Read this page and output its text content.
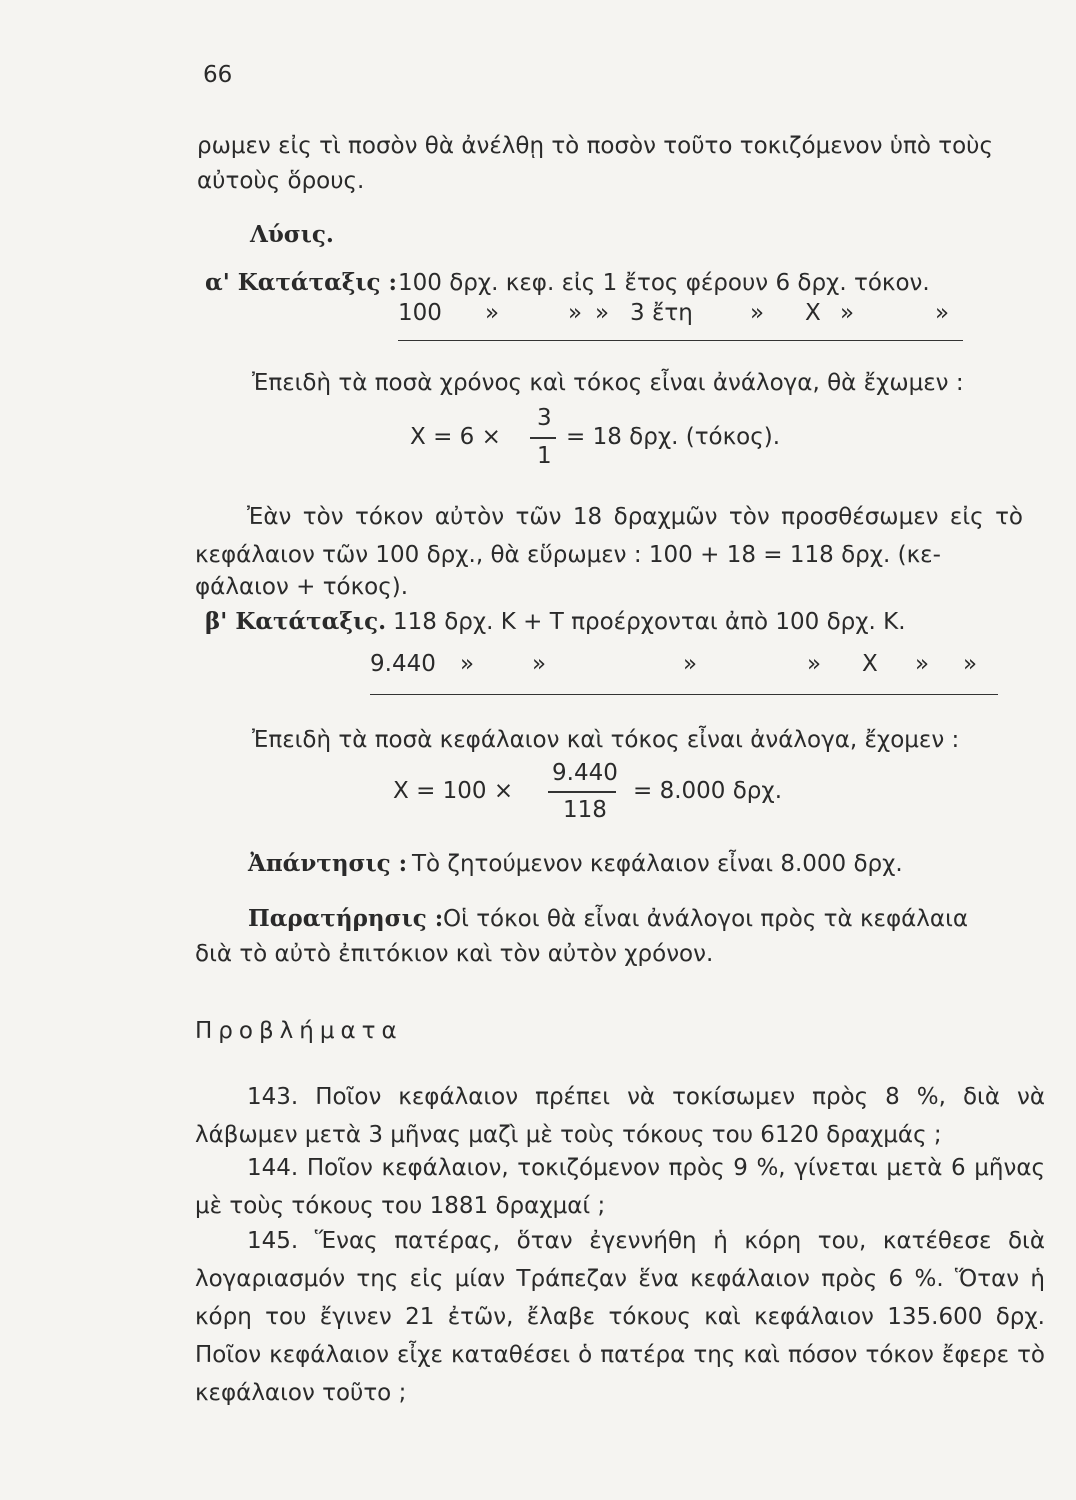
66
ρωμεν εἰς τὶ ποσὸν θὰ ἀνέλθῃ τὸ ποσὸν τοῦτο τοκιζόμενον ὑπὸ τοὺς
αὐτοὺς ὅρους.
Λύσις.
α' Κατάταξις : 100 δρχ. κεφ. εἰς 1 ἔτος φέρουν 6 δρχ. τόκον.
100 »	» » 3 ἔτη » X »	»
Ἐπειδὴ τὰ ποσὰ χρόνος καὶ τόκος εἶναι ἀνάλογα, θὰ ἔχωμεν :
X = 6 ×
3
1
= 18 δρχ. (τόκος).
Ἐὰν τὸν τόκον αὐτὸν τῶν 18 δραχμῶν τὸν προσθέσωμεν εἰς τὸ κεφάλαιον τῶν 100 δρχ., θὰ εὕρωμεν : 100 + 18 = 118 δρχ. (κε-
φάλαιον + τόκος).
β' Κατάταξις. 118 δρχ. Κ + Τ προέρχονται ἀπὸ 100 δρχ. Κ.
9.440 »	»	»	» X » »
Ἐπειδὴ τὰ ποσὰ κεφάλαιον καὶ τόκος εἶναι ἀνάλογα, ἔχομεν :
X = 100 ×
9.440
118
= 8.000 δρχ.
Ἀπάντησις : Τὸ ζητούμενον κεφάλαιον εἶναι 8.000 δρχ.
Παρατήρησις : Οἱ τόκοι θὰ εἶναι ἀνάλογοι πρὸς τὰ κεφάλαια
διὰ τὸ αὐτὸ ἐπιτόκιον καὶ τὸν αὐτὸν χρόνον.
Προβλήματα
143. Ποῖον κεφάλαιον πρέπει νὰ τοκίσωμεν πρὸς 8 %, διὰ νὰ λάβωμεν μετὰ 3 μῆνας μαζὶ μὲ τοὺς τόκους του 6120 δραχμάς ;
144. Ποῖον κεφάλαιον, τοκιζόμενον πρὸς 9 %, γίνεται μετὰ 6 μῆνας μὲ τοὺς τόκους του 1881 δραχμαί ;
145. Ἕνας πατέρας, ὅταν ἐγεννήθη ἡ κόρη του, κατέθεσε διὰ λογαριασμόν της εἰς μίαν Τράπεζαν ἕνα κεφάλαιον πρὸς 6 %. Ὅταν ἡ κόρη του ἔγινεν 21 ἐτῶν, ἔλαβε τόκους καὶ κεφάλαιον 135.600 δρχ. Ποῖον κεφάλαιον εἶχε καταθέσει ὁ πατέρα της καὶ πόσον τόκον ἔφερε τὸ κεφάλαιον τοῦτο ;
